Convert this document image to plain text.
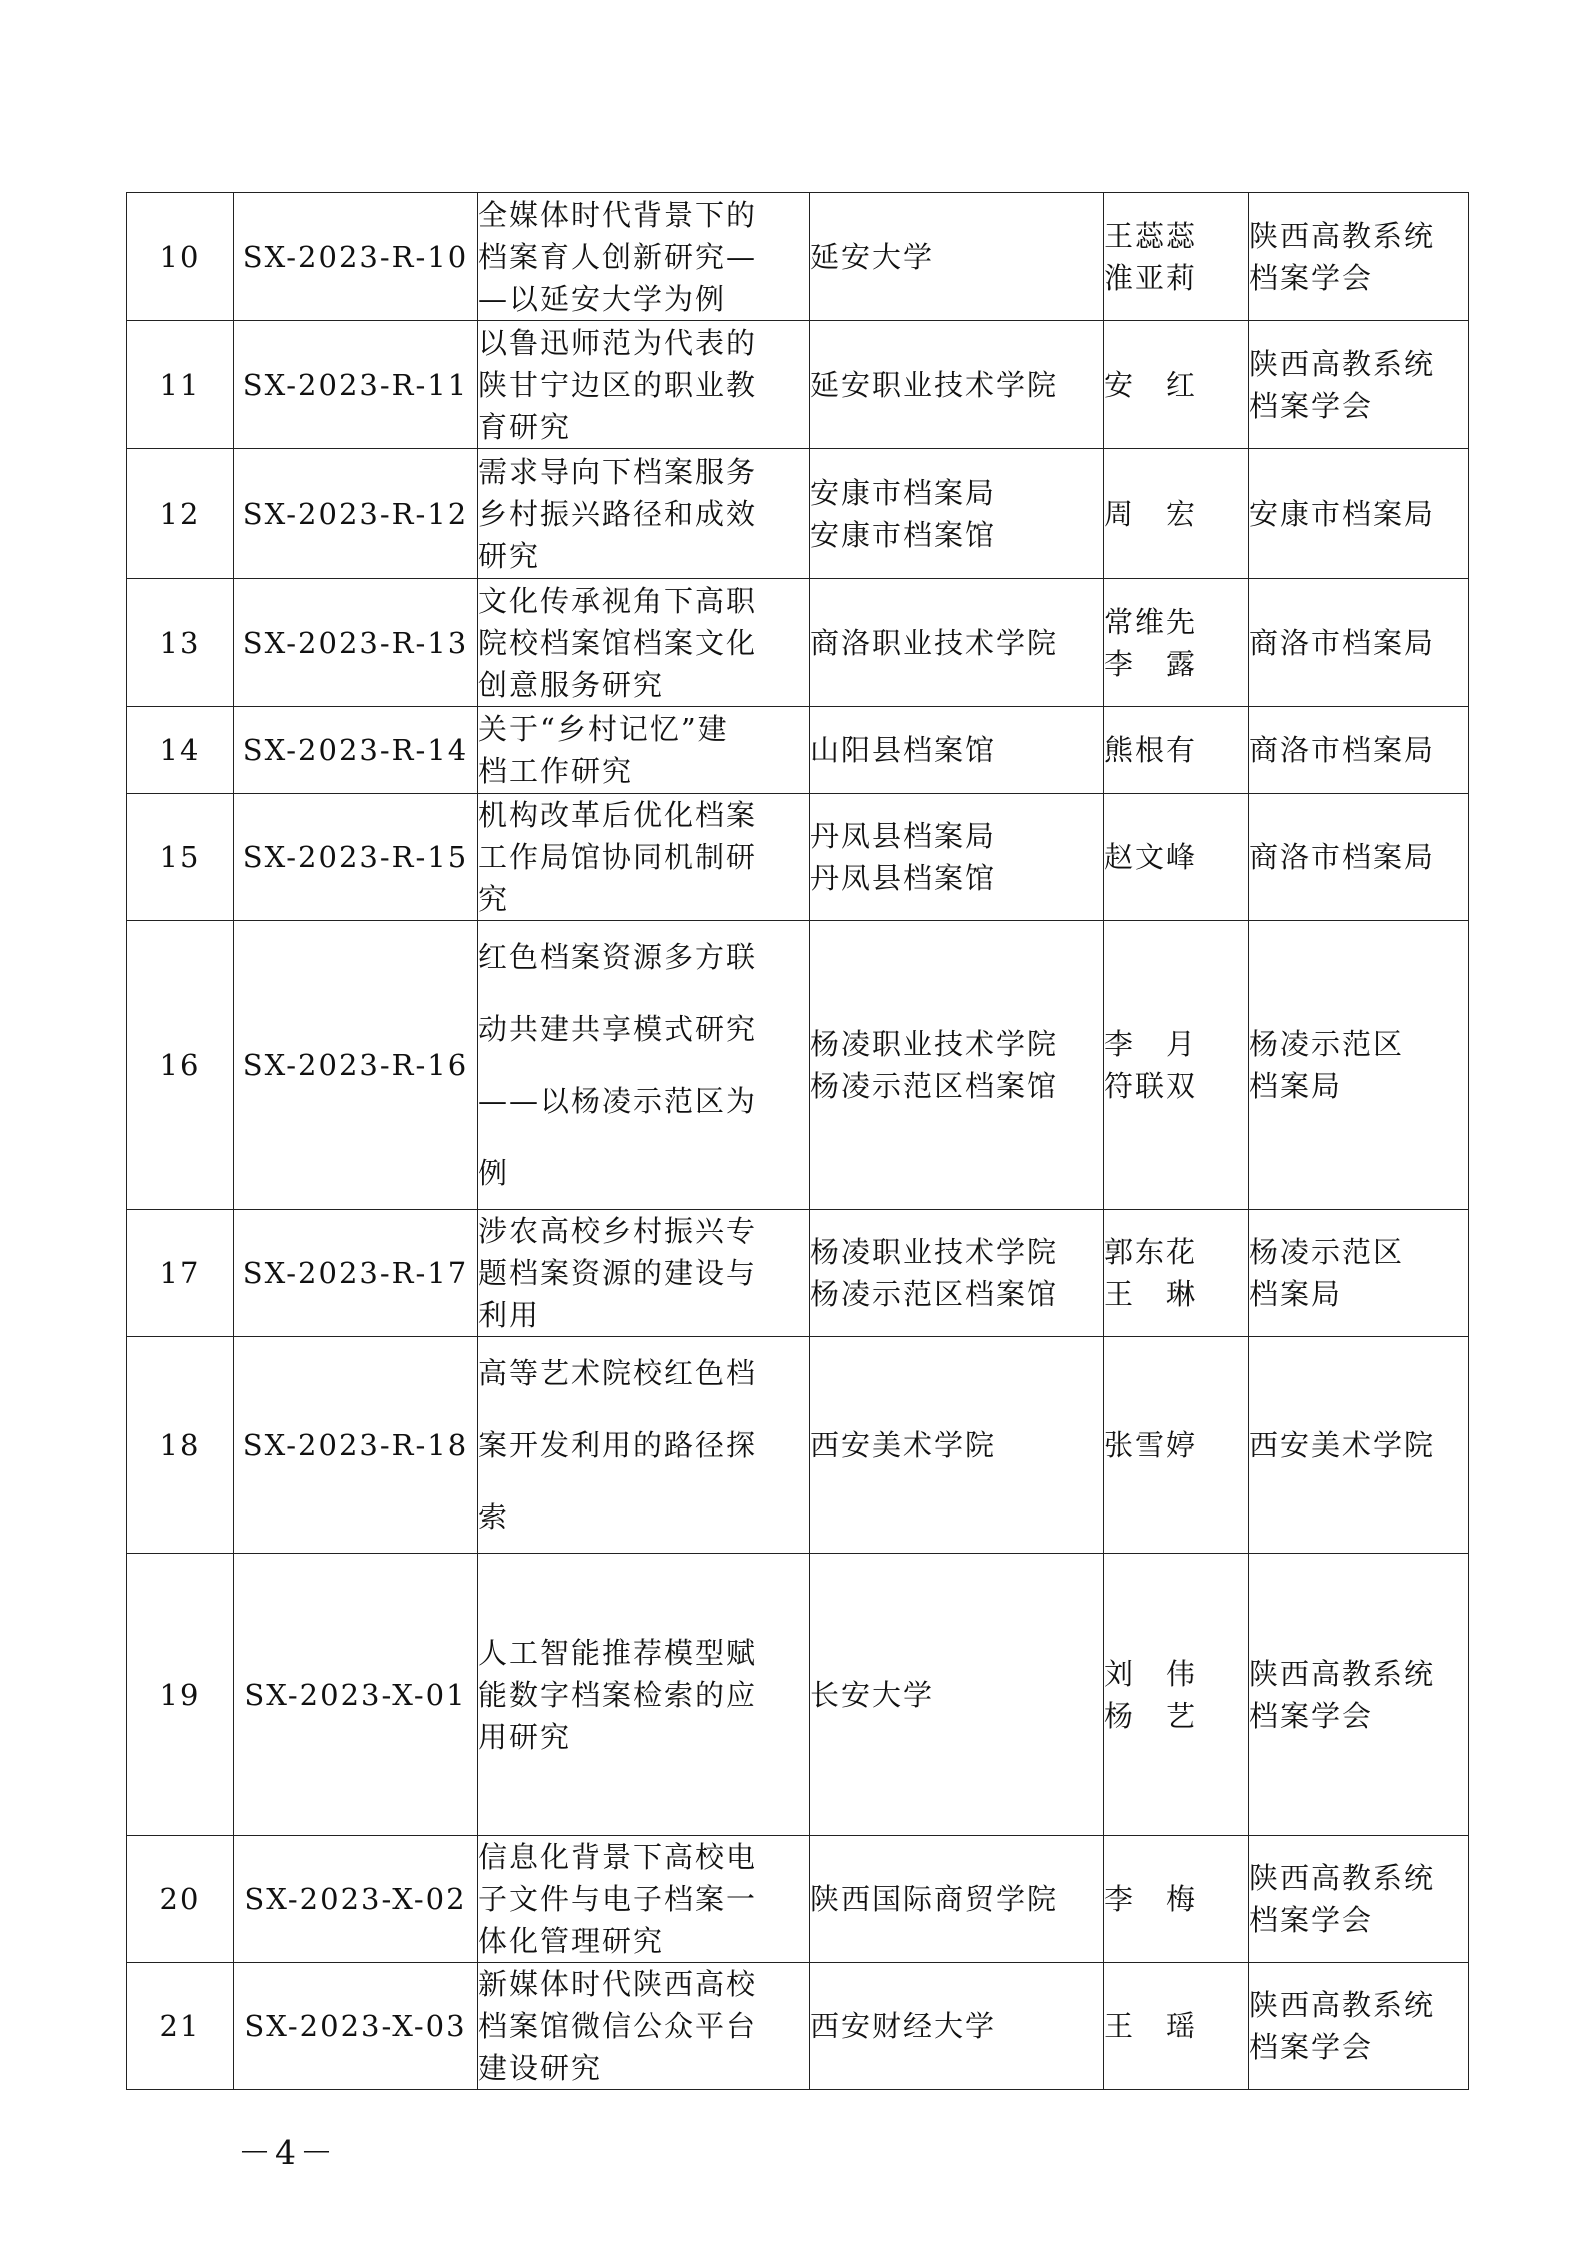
10	SX-2023-R-10	全媒体时代背景下的
档案育人创新研究—
—以延安大学为例	延安大学	王蕊蕊
淮亚莉	陕西高教系统
档案学会

11	SX-2023-R-11	以鲁迅师范为代表的
陕甘宁边区的职业教
育研究	延安职业技术学院	安　红	陕西高教系统
档案学会

12	SX-2023-R-12	需求导向下档案服务
乡村振兴路径和成效
研究	安康市档案局
安康市档案馆	周　宏	安康市档案局

13	SX-2023-R-13	文化传承视角下高职
院校档案馆档案文化
创意服务研究	商洛职业技术学院	常维先
李　露	商洛市档案局

14	SX-2023-R-14	关于“乡村记忆”建
档工作研究	山阳县档案馆	熊根有	商洛市档案局

15	SX-2023-R-15	机构改革后优化档案
工作局馆协同机制研
究	丹凤县档案局
丹凤县档案馆	赵文峰	商洛市档案局

16	SX-2023-R-16	红色档案资源多方联
动共建共享模式研究
——以杨凌示范区为
例	杨凌职业技术学院
杨凌示范区档案馆	李　月
符联双	杨凌示范区
档案局

17	SX-2023-R-17	涉农高校乡村振兴专
题档案资源的建设与
利用	杨凌职业技术学院
杨凌示范区档案馆	郭东花
王　琳	杨凌示范区
档案局

18	SX-2023-R-18	高等艺术院校红色档
案开发利用的路径探
索	西安美术学院	张雪婷	西安美术学院

19	SX-2023-X-01	人工智能推荐模型赋
能数字档案检索的应
用研究	长安大学	刘　伟
杨　艺	陕西高教系统
档案学会

20	SX-2023-X-02	信息化背景下高校电
子文件与电子档案一
体化管理研究	陕西国际商贸学院	李　梅	陕西高教系统
档案学会

21	SX-2023-X-03	新媒体时代陕西高校
档案馆微信公众平台
建设研究	西安财经大学	王　瑶	陕西高教系统
档案学会
－4－
